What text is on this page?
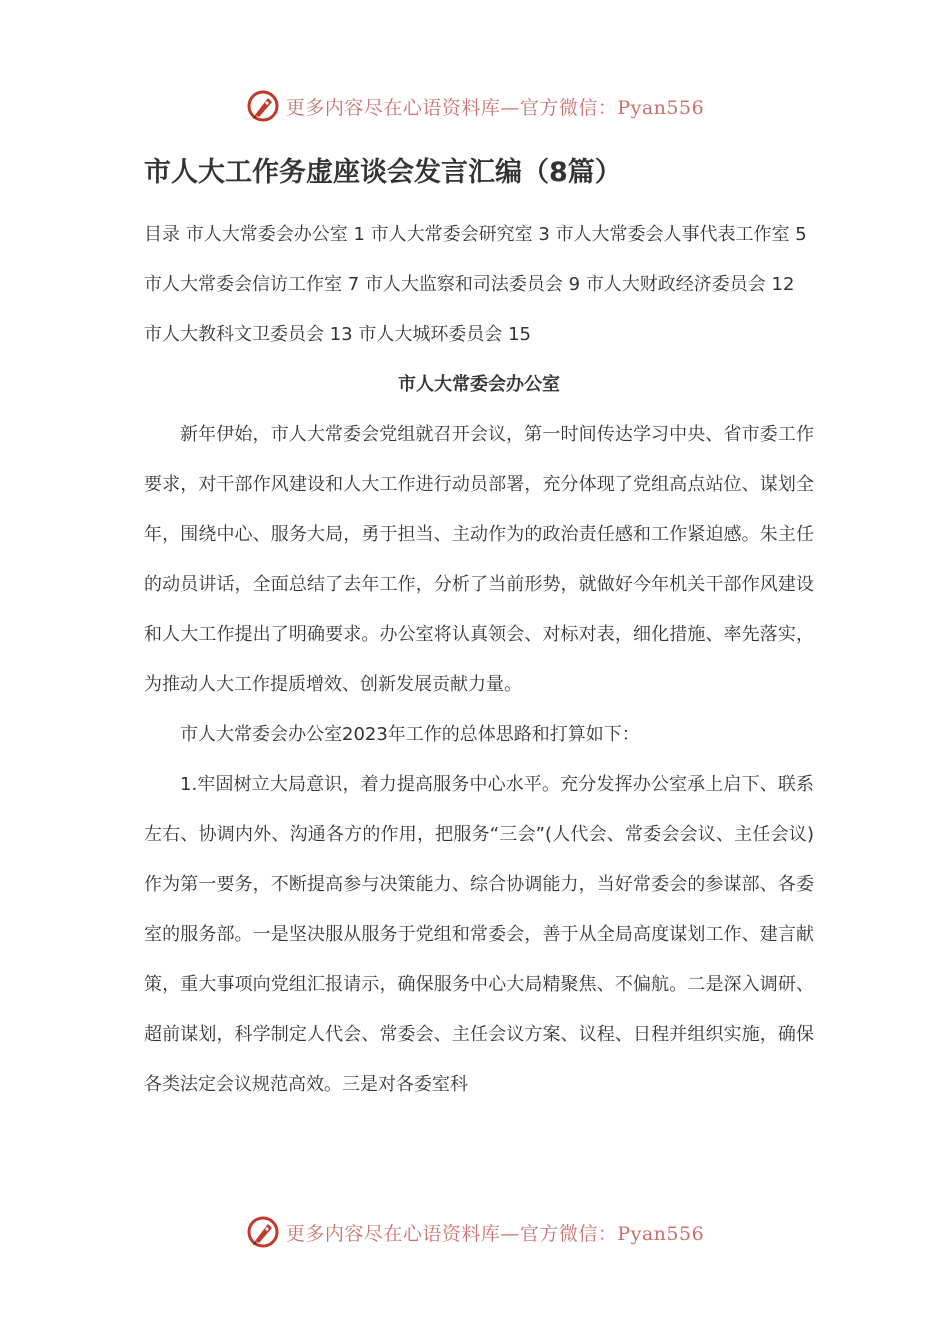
更多内容尽在心语资料库—官方微信：Pyan556
市人大工作务虚座谈会发言汇编（8篇）

目录 市人大常委会办公室 1 市人大常委会研究室 3 市人大常委会人事代表工作室 5 市人大常委会信访工作室 7 市人大监察和司法委员会 9 市人大财政经济委员会 12 市人大教科文卫委员会 13 市人大城环委员会 15

市人大常委会办公室

新年伊始，市人大常委会党组就召开会议，第一时间传达学习中央、省市委工作要求，对干部作风建设和人大工作进行动员部署，充分体现了党组高点站位、谋划全年，围绕中心、服务大局，勇于担当、主动作为的政治责任感和工作紧迫感。朱主任的动员讲话，全面总结了去年工作，分析了当前形势，就做好今年机关干部作风建设和人大工作提出了明确要求。办公室将认真领会、对标对表，细化措施、率先落实，为推动人大工作提质增效、创新发展贡献力量。

市人大常委会办公室2023年工作的总体思路和打算如下：

1.牢固树立大局意识，着力提高服务中心水平。充分发挥办公室承上启下、联系左右、协调内外、沟通各方的作用，把服务“三会”(人代会、常委会会议、主任会议)作为第一要务，不断提高参与决策能力、综合协调能力，当好常委会的参谋部、各委室的服务部。一是坚决服从服务于党组和常委会，善于从全局高度谋划工作、建言献策，重大事项向党组汇报请示，确保服务中心大局精聚焦、不偏航。二是深入调研、超前谋划，科学制定人代会、常委会、主任会议方案、议程、日程并组织实施，确保各类法定会议规范高效。三是对各委室科

更多内容尽在心语资料库—官方微信：Pyan556
